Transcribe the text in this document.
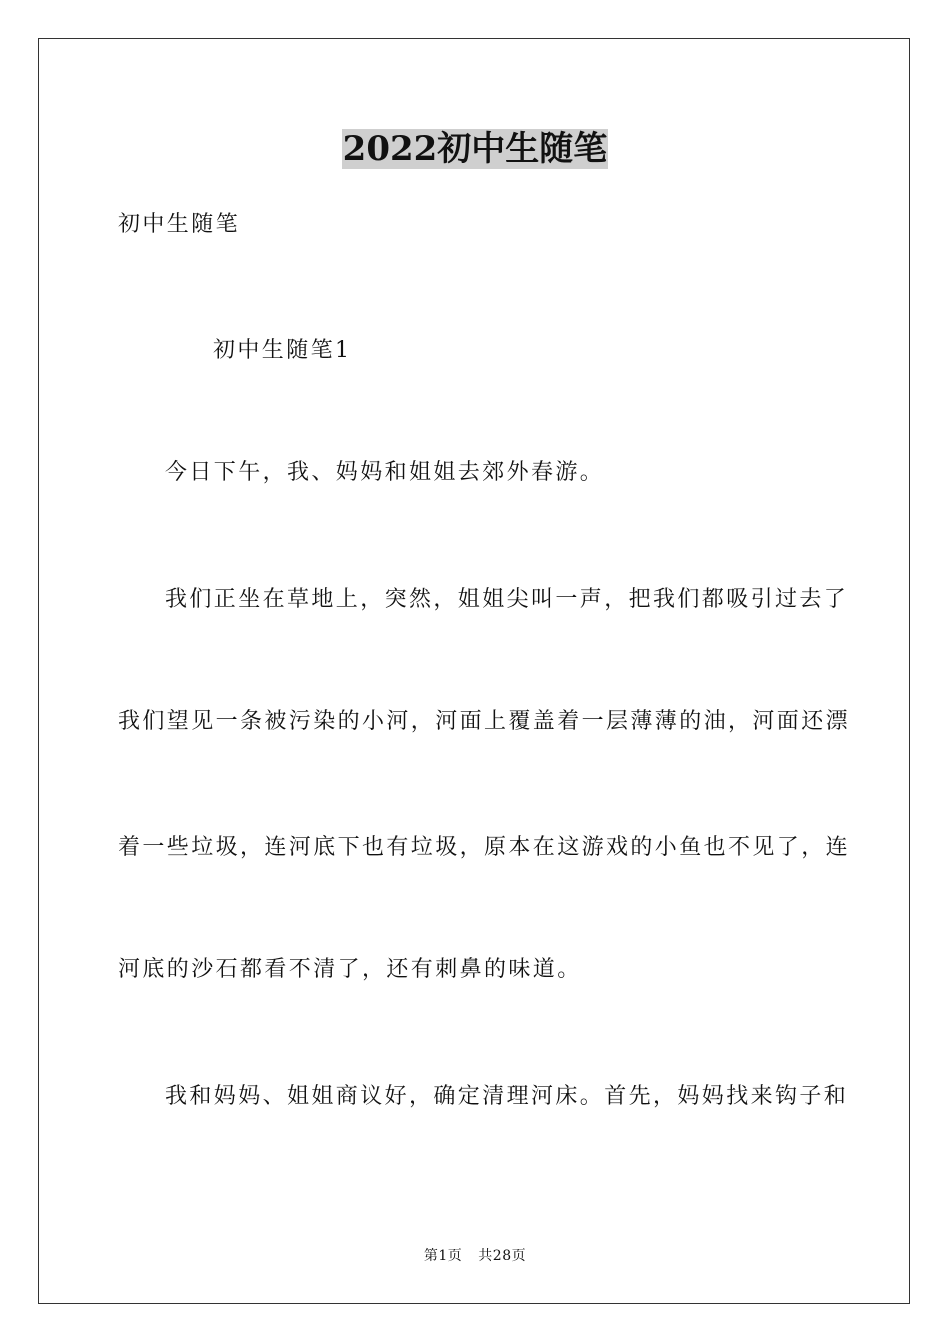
2022初中生随笔
初中生随笔
初中生随笔1
今日下午，我、妈妈和姐姐去郊外春游。
我们正坐在草地上，突然，姐姐尖叫一声，把我们都吸引过去了
我们望见一条被污染的小河，河面上覆盖着一层薄薄的油，河面还漂
着一些垃圾，连河底下也有垃圾，原本在这游戏的小鱼也不见了，连
河底的沙石都看不清了，还有刺鼻的味道。
我和妈妈、姐姐商议好，确定清理河床。首先，妈妈找来钩子和
第1页 共28页
